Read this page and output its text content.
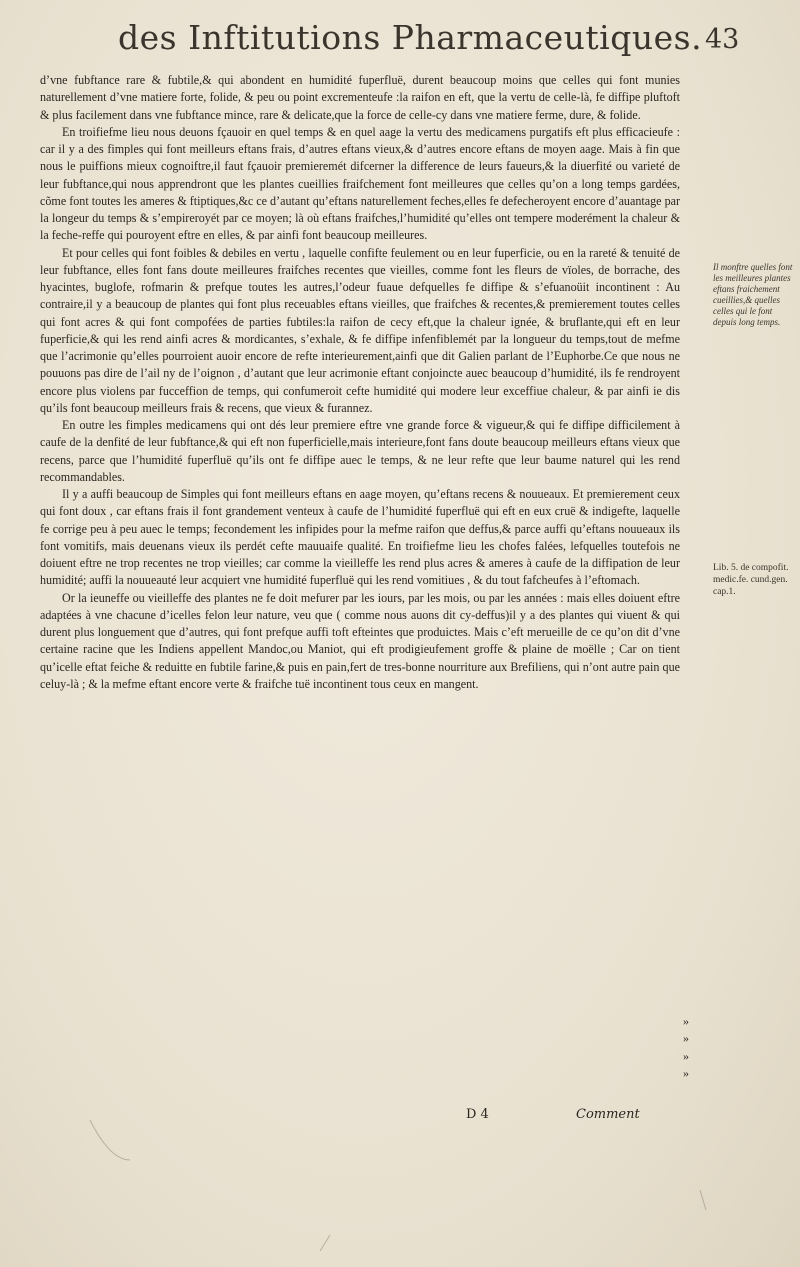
des Inftitutions Pharmaceutiques. 43

d’vne fubftance rare & fubtile,& qui abondent en humidité fuperfluë, durent beaucoup moins que celles qui font munies naturellement d’vne matiere forte, folide, & peu ou point excrementeufe :la raifon en eft, que la vertu de celle-là, fe diffipe pluftoft & plus facilement dans vne fubftance mince, rare & delicate,que la force de celle-cy dans vne matiere ferme, dure, & folide.

En troifiefme lieu nous deuons fçauoir en quel temps & en quel aage la vertu des medicamens purgatifs eft plus efficacieufe : car il y a des fimples qui font meilleurs eftans frais, d’autres eftans vieux,& d’autres encore eftans de moyen aage. Mais à fin que nous le puiffions mieux cognoiftre,il faut fçauoir premieremét difcerner la difference de leurs faueurs,& la diuerfité ou varieté de leur fubftance,qui nous apprendront que les plantes cueillies fraifchement font meilleures que celles qu’on a long temps gardées, cõme font toutes les ameres & ftiptiques,&c ce d’autant qu’eftans naturellement feches,elles fe defecheroyent encore d’auantage par la longeur du temps & s’empireroyét par ce moyen; là où eftans fraifches,l’humidité qu’elles ont tempere moderément la chaleur & la feche-reffe qui pouroyent eftre en elles, & par ainfi font beaucoup meilleures.

Et pour celles qui font foibles & debiles en vertu , laquelle confifte feulement ou en leur fuperficie, ou en la rareté & tenuité de leur fubftance, elles font fans doute meilleures fraifches recentes que vieilles, comme font les fleurs de vïoles, de borrache, des hyacintes, buglofe, rofmarin & prefque toutes les autres,l’odeur fuaue defquelles fe diffipe & s’efuanoüit incontinent : Au contraire,il y a beaucoup de plantes qui font plus receuables eftans vieilles, que fraifches & recentes,& premierement toutes celles qui font acres & qui font compofées de parties fubtiles:la raifon de cecy eft,que la chaleur ignée, & bruflante,qui eft en leur fuperficie,& qui les rend ainfi acres & mordicantes, s’exhale, & fe diffipe infenfiblemét par la longueur du temps,tout de mefme que l’acrimonie qu’elles pourroient auoir encore de refte interieurement,ainfi que dit Galien parlant de l’Euphorbe.Ce que nous ne pouuons pas dire de l’ail ny de l’oignon , d’autant que leur acrimonie eftant conjoincte auec beaucoup d’humidité, ils fe rendroyent encore plus violens par fucceffion de temps, qui confumeroit cefte humidité qui modere leur exceffiue chaleur, & par ainfi ie dis qu’ils font beaucoup meilleurs frais & recens, que vieux & furannez.

En outre les fimples medicamens qui ont dés leur premiere eftre vne grande force & vigueur,& qui fe diffipe difficilement à caufe de la denfité de leur fubftance,& qui eft non fuperficielle,mais interieure,font fans doute beaucoup meilleurs eftans vieux que recens, parce que l’humidité fuperfluë qu’ils ont fe diffipe auec le temps, & ne leur refte que leur baume naturel qui les rend recommandables.

Il y a auffi beaucoup de Simples qui font meilleurs eftans en aage moyen, qu’eftans recens & nouueaux. Et premierement ceux qui font doux , car eftans frais il font grandement venteux à caufe de l’humidité fuperfluë qui eft en eux cruë & indigefte, laquelle fe corrige peu à peu auec le temps; fecondement les infipides pour la mefme raifon que deffus,& parce auffi qu’eftans nouueaux ils font vomitifs, mais deuenans vieux ils perdét cefte mauuaife qualité. En troifiefme lieu les chofes falées, lefquelles toutefois ne doiuent eftre ne trop recentes ne trop vieilles; car comme la vieilleffe les rend plus acres & ameres à caufe de la diffipation de leur humidité; auffi la nouueauté leur acquiert vne humidité fuperfluë qui les rend vomitiues , & du tout fafcheufes à l’eftomach.

Or la ieuneffe ou vieilleffe des plantes ne fe doit mefurer par les iours, par les mois, ou par les années : mais elles doiuent eftre adaptées à vne chacune d’icelles felon leur nature, veu que ( comme nous auons dit cy-deffus)il y a des plantes qui viuent & qui durent plus longuement que d’autres, qui font prefque auffi toft efteintes que produictes. Mais c’eft merueille de ce qu’on dit d’vne certaine racine que les Indiens appellent Mandoc,ou Maniot, qui eft prodigieufement groffe & plaine de moëlle ; Car on tient qu’icelle eftat feiche & reduitte en fubtile farine,& puis en pain,fert de tres-bonne nourriture aux Brefiliens, qui n’ont autre pain que celuy-là ; & la mefme eftant encore verte & fraifche tuë incontinent tous ceux en mangent.

Il monftre quelles font les meilleures plantes eftans fraichement cueillies,& quelles celles qui le font depuis long temps.
Lib. 5. de compofit. medic.fe. cund.gen. cap.1.
»
»
»
»
D 4	Comment
